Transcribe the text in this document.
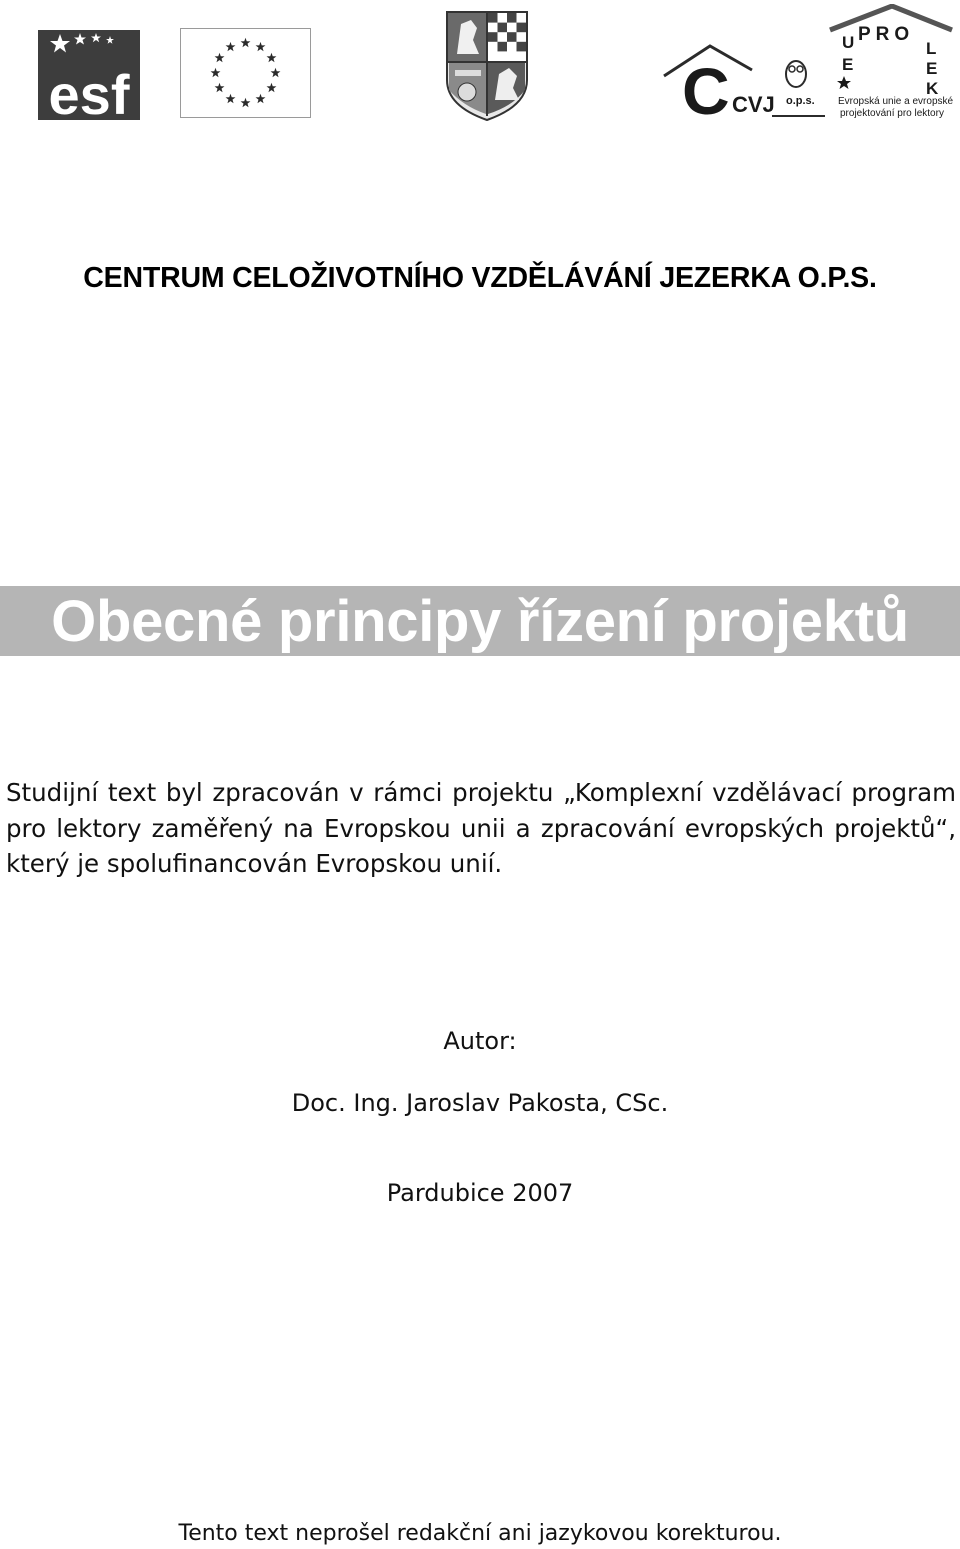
esf	C CVJ o.p.s.
PRO
U
E
L
E
K
Evropská unie a evropské
projektování pro lektory
CENTRUM CELOŽIVOTNÍHO VZDĚLÁVÁNÍ JEZERKA O.P.S.
Obecné principy řízení projektů

Studijní text byl zpracován v rámci projektu „Komplexní vzdělávací program pro lektory zaměřený na Evropskou unii a zpracování evropských projektů“, který je spolufinancován Evropskou unií.

Autor:

Doc. Ing. Jaroslav Pakosta, CSc.

Pardubice 2007

Tento text neprošel redakční ani jazykovou korekturou.
